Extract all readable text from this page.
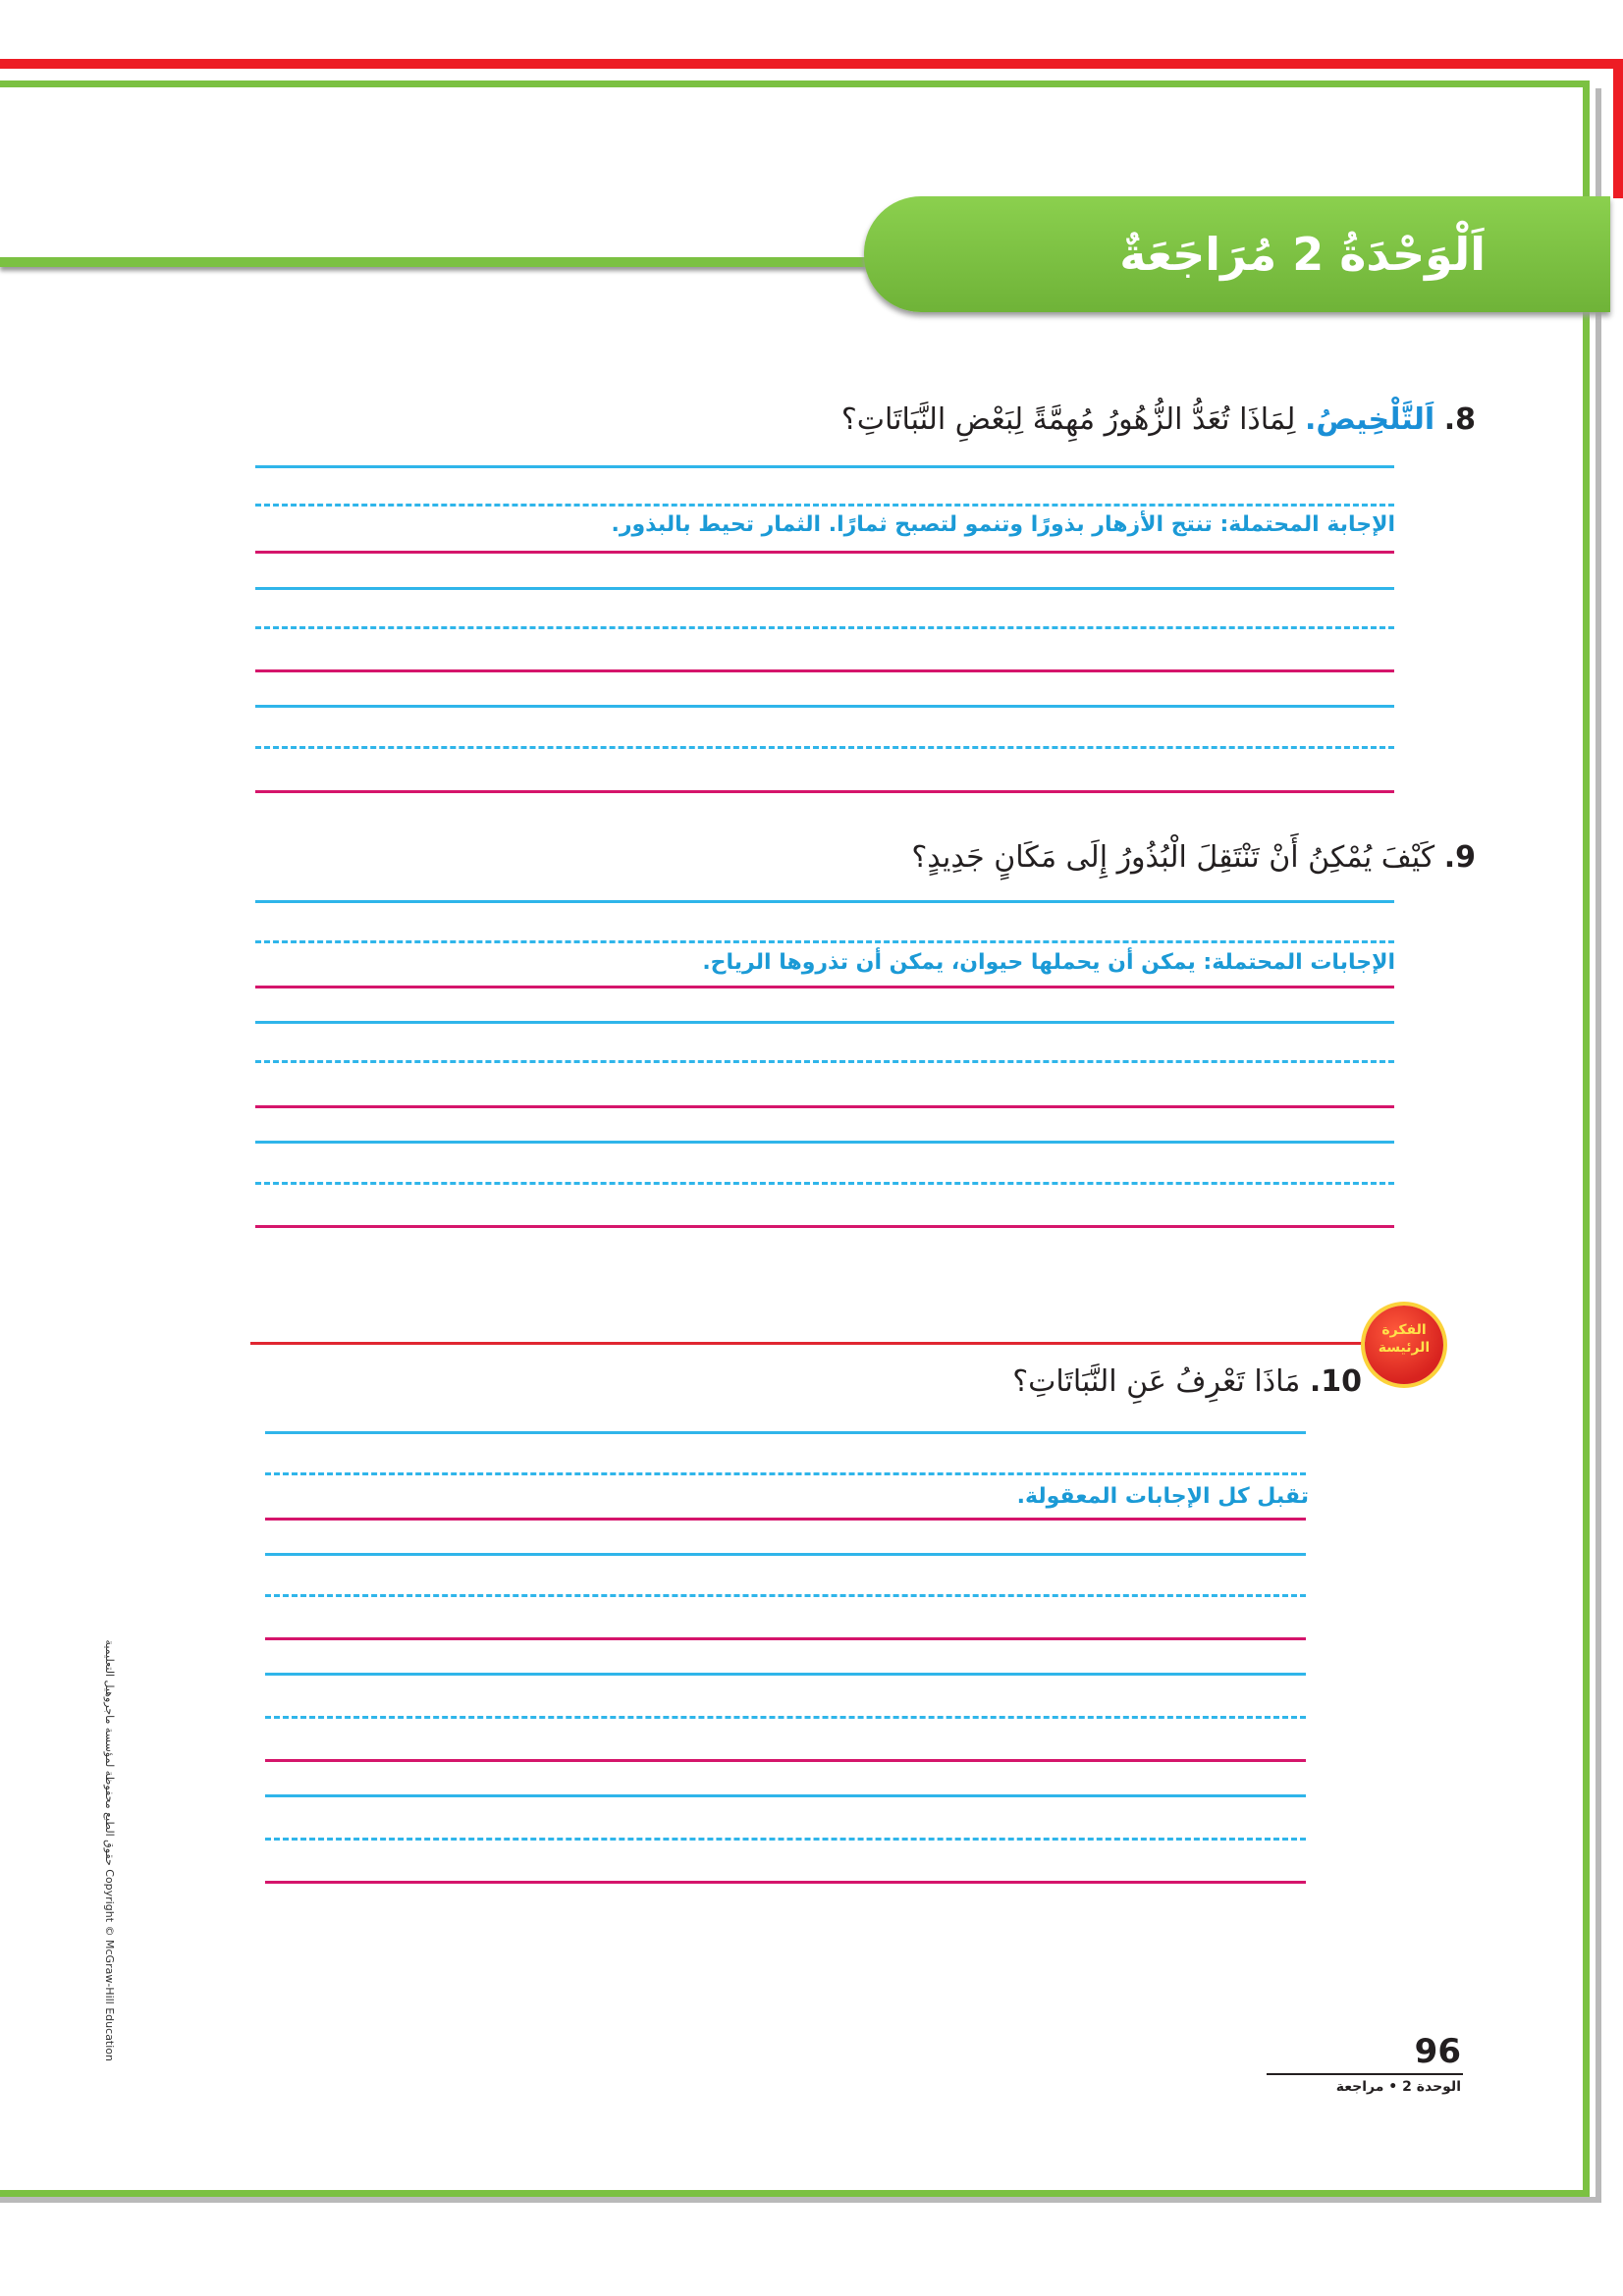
اَلْوَحْدَةُ 2 مُرَاجَعَةٌ
8. اَلتَّلْخِيصُ. لِمَاذَا تُعَدُّ الزُّهُورُ مُهِمَّةً لِبَعْضِ النَّبَاتَاتِ؟
الإجابة المحتملة: تنتج الأزهار بذورًا وتنمو لتصبح ثمارًا. الثمار تحيط بالبذور.
9. كَيْفَ يُمْكِنُ أَنْ تَنْتَقِلَ الْبُذُورُ إِلَى مَكَانٍ جَدِيدٍ؟
الإجابات المحتملة: يمكن أن يحملها حيوان، يمكن أن تذروها الرياح.
الفكرة
الرئيسة
10. مَاذَا تَعْرِفُ عَنِ النَّبَاتَاتِ؟
تقبل كل الإجابات المعقولة.
Copyright © McGraw-Hill Education حقوق الطبع محفوظة لمؤسسة ماجروهيل التعليمية	96
الوحدة 2 • مراجعة
